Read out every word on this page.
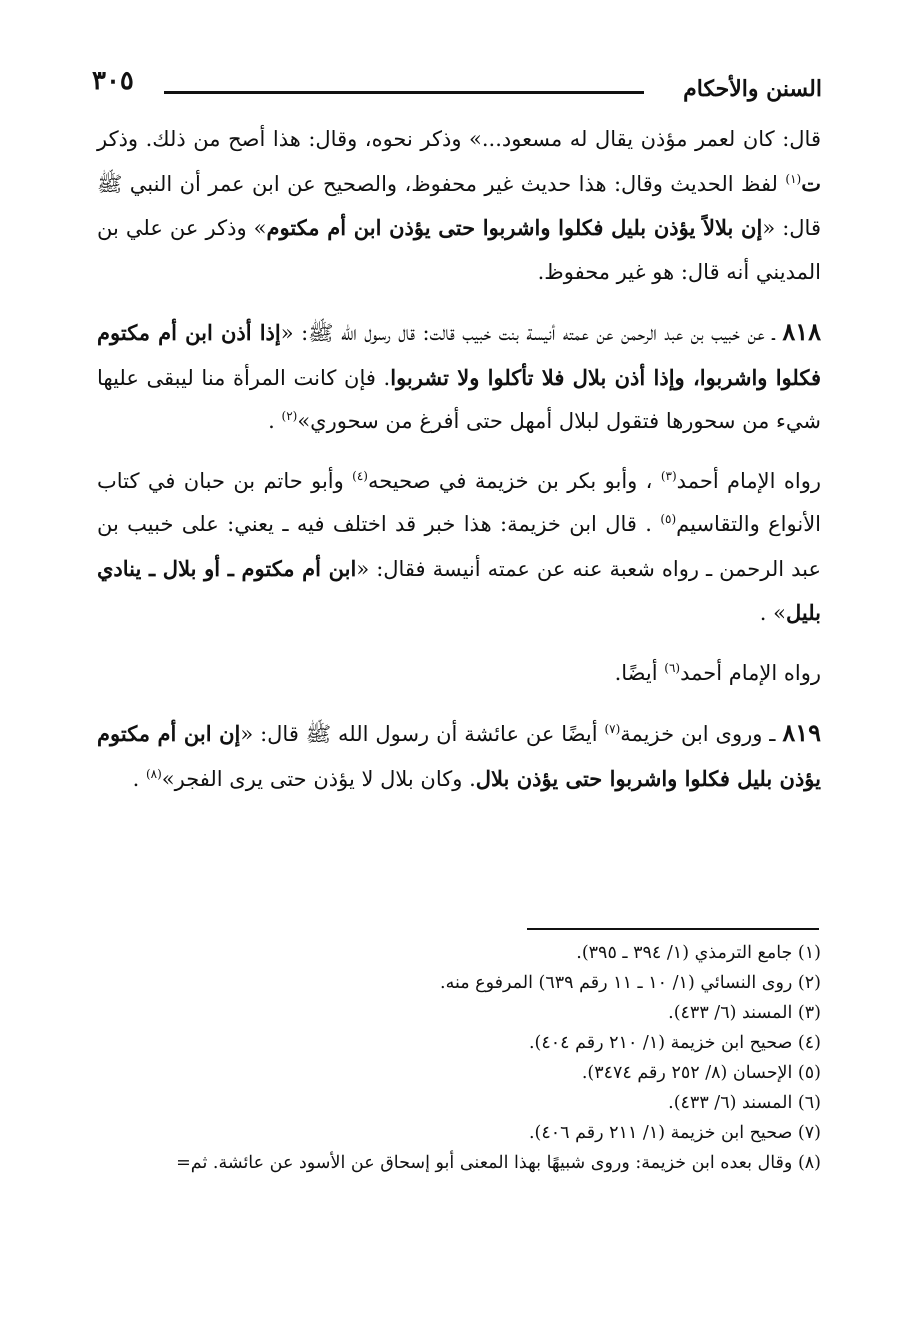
السنن والأحكام
٣٠٥

قال: كان لعمر مؤذن يقال له مسعود...» وذكر نحوه، وقال: هذا أصح من ذلك. وذكر ت$^{(١)}$ لفظ الحديث وقال: هذا حديث غير محفوظ، والصحيح عن ابن عمر أن النبي ﷺ قال: «إن بلالاً يؤذن بليل فكلوا واشربوا حتى يؤذن ابن أم مكتوم» وذكر عن علي بن المديني أنه قال: هو غير محفوظ.

٨١٨ ـ عن خبيب بن عبد الرحمن عن عمته أنيسة بنت خبيب قالت: قال رسول الله ﷺ: «إذا أذن ابن أم مكتوم فكلوا واشربوا، وإذا أذن بلال فلا تأكلوا ولا تشربوا. فإن كانت المرأة منا ليبقى عليها شيء من سحورها فتقول لبلال أمهل حتى أفرغ من سحوري»$^{(٢)}$ .

رواه الإمام أحمد$^{(٣)}$ ، وأبو بكر بن خزيمة في صحيحه$^{(٤)}$ وأبو حاتم بن حبان في كتاب الأنواع والتقاسيم$^{(٥)}$ . قال ابن خزيمة: هذا خبر قد اختلف فيه ـ يعني: على خبيب بن عبد الرحمن ـ رواه شعبة عنه عن عمته أنيسة فقال: «ابن أم مكتوم ـ أو بلال ـ ينادي بليل» .

رواه الإمام أحمد$^{(٦)}$ أيضًا.

٨١٩ ـ وروى ابن خزيمة$^{(٧)}$ أيضًا عن عائشة أن رسول الله ﷺ قال: «إن ابن أم مكتوم يؤذن بليل فكلوا واشربوا حتى يؤذن بلال. وكان بلال لا يؤذن حتى يرى الفجر»$^{(٨)}$ .

(١) جامع الترمذي (١/ ٣٩٤ ـ ٣٩٥).
(٢) روى النسائي (١/ ١٠ ـ ١١ رقم ٦٣٩) المرفوع منه.
(٣) المسند (٦/ ٤٣٣).
(٤) صحيح ابن خزيمة (١/ ٢١٠ رقم ٤٠٤).
(٥) الإحسان (٨/ ٢٥٢ رقم ٣٤٧٤).
(٦) المسند (٦/ ٤٣٣).
(٧) صحيح ابن خزيمة (١/ ٢١١ رقم ٤٠٦).
(٨) وقال بعده ابن خزيمة: وروى شبيهًا بهذا المعنى أبو إسحاق عن الأسود عن عائشة. ثم=
